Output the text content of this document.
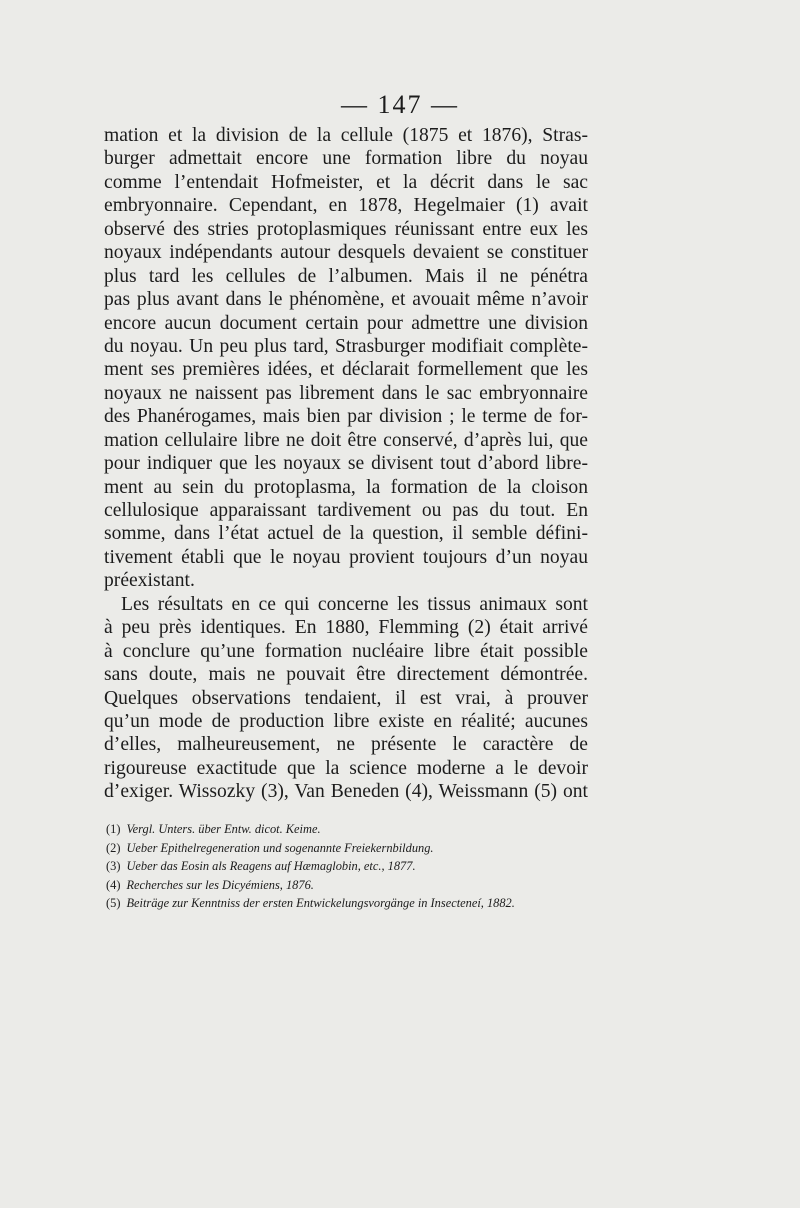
— 147 —
mation et la division de la cellule (1875 et 1876), Stras-
burger admettait encore une formation libre du noyau
comme l’entendait Hofmeister, et la décrit dans le sac
embryonnaire. Cependant, en 1878, Hegelmaier (1) avait
observé des stries protoplasmiques réunissant entre eux les
noyaux indépendants autour desquels devaient se constituer
plus tard les cellules de l’albumen. Mais il ne pénétra
pas plus avant dans le phénomène, et avouait même n’avoir
encore aucun document certain pour admettre une division
du noyau. Un peu plus tard, Strasburger modifiait complète-
ment ses premières idées, et déclarait formellement que les
noyaux ne naissent pas librement dans le sac embryonnaire
des Phanérogames, mais bien par division ; le terme de for-
mation cellulaire libre ne doit être conservé, d’après lui, que
pour indiquer que les noyaux se divisent tout d’abord libre-
ment au sein du protoplasma, la formation de la cloison
cellulosique apparaissant tardivement ou pas du tout. En
somme, dans l’état actuel de la question, il semble défini-
tivement établi que le noyau provient toujours d’un noyau
préexistant.
Les résultats en ce qui concerne les tissus animaux sont
à peu près identiques. En 1880, Flemming (2) était arrivé
à conclure qu’une formation nucléaire libre était possible
sans doute, mais ne pouvait être directement démontrée.
Quelques observations tendaient, il est vrai, à prouver
qu’un mode de production libre existe en réalité; aucunes
d’elles, malheureusement, ne présente le caractère de
rigoureuse exactitude que la science moderne a le devoir
d’exiger. Wissozky (3), Van Beneden (4), Weissmann (5) ont
(1) Vergl. Unters. über Entw. dicot. Keime.
(2) Ueber Epithelregeneration und sogenannte Freiekernbildung.
(3) Ueber das Eosin als Reagens auf Hæmaglobin, etc., 1877.
(4) Recherches sur les Dicyémiens, 1876.
(5) Beiträge zur Kenntniss der ersten Entwickelungsvorgänge in Insecteneí, 1882.
